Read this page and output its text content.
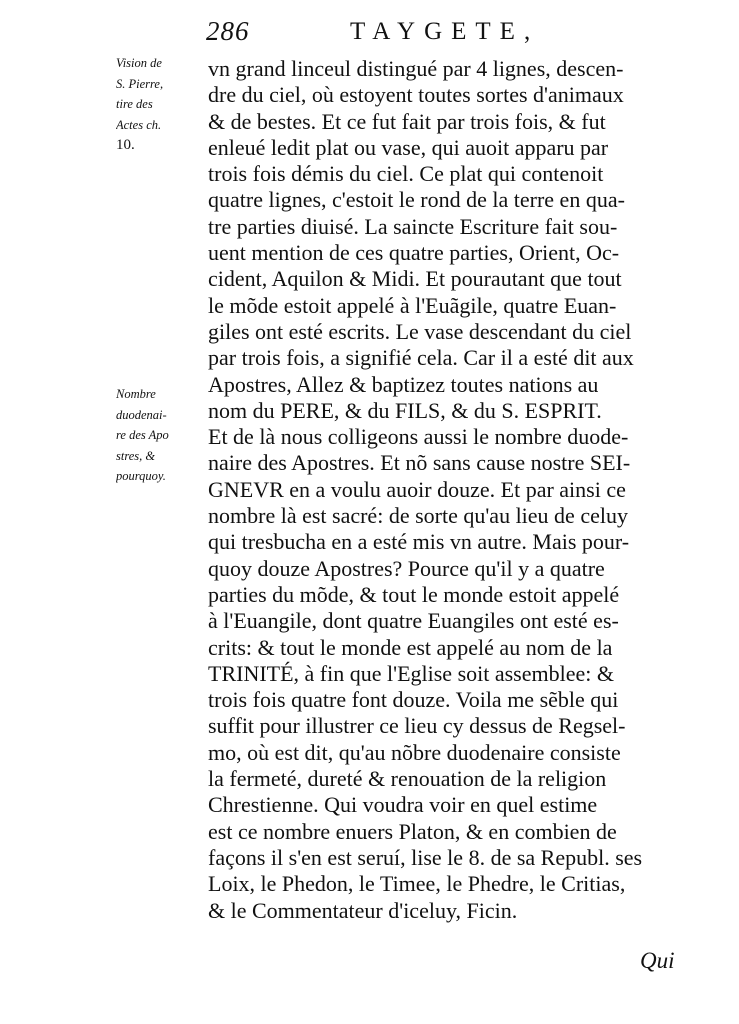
286	TAYGETE,
Vision de
S. Pierre,
tire des
Actes ch.
10.
Nombre
duodenai-
re des Apo
stres, &
pourquoy.
vn grand linceul distingué par 4 lignes, descen-
dre du ciel, où estoyent toutes sortes d'animaux
& de bestes. Et ce fut fait par trois fois, & fut
enleué ledit plat ou vase, qui auoit apparu par
trois fois démis du ciel. Ce plat qui contenoit
quatre lignes, c'estoit le rond de la terre en qua-
tre parties diuisé. La saincte Escriture fait sou-
uent mention de ces quatre parties, Orient, Oc-
cident, Aquilon & Midi. Et pourautant que tout
le mõde estoit appelé à l'Euãgile, quatre Euan-
giles ont esté escrits. Le vase descendant du ciel
par trois fois, a signifié cela. Car il a esté dit aux
Apostres, Allez & baptizez toutes nations au
nom du PERE, & du FILS, & du S. ESPRIT.
Et de là nous colligeons aussi le nombre duode-
naire des Apostres. Et nõ sans cause nostre SEI-
GNEVR en a voulu auoir douze. Et par ainsi ce
nombre là est sacré: de sorte qu'au lieu de celuy
qui tresbucha en a esté mis vn autre. Mais pour-
quoy douze Apostres? Pource qu'il y a quatre
parties du mõde, & tout le monde estoit appelé
à l'Euangile, dont quatre Euangiles ont esté es-
crits: & tout le monde est appelé au nom de la
TRINITÉ, à fin que l'Eglise soit assemblee: &
trois fois quatre font douze. Voila me sẽble qui
suffit pour illustrer ce lieu cy dessus de Regsel-
mo, où est dit, qu'au nõbre duodenaire consiste
la fermeté, dureté & renouation de la religion
Chrestienne. Qui voudra voir en quel estime
est ce nombre enuers Platon, & en combien de
façons il s'en est seruí, lise le 8. de sa Republ. ses
Loix, le Phedon, le Timee, le Phedre, le Critias,
& le Commentateur d'iceluy, Ficin.
Qui
